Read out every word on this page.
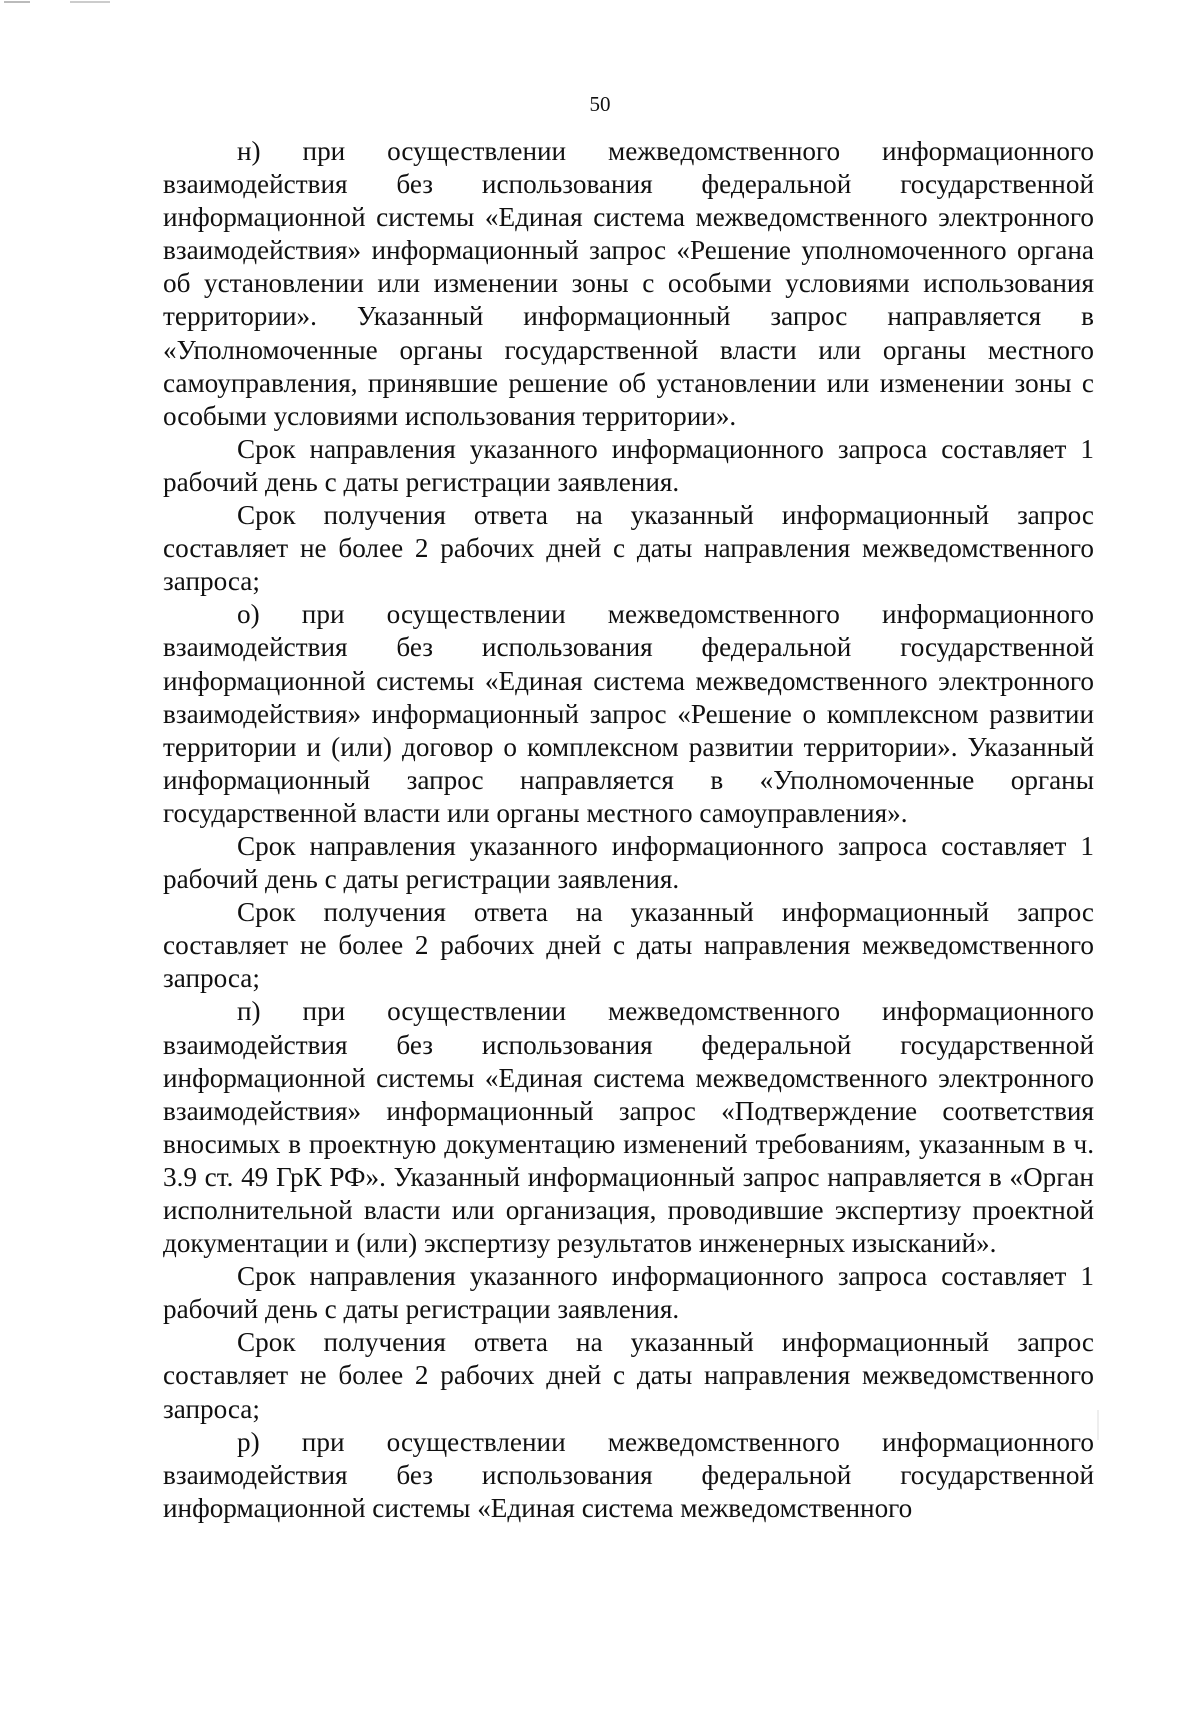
50

н) при осуществлении межведомственного информационного взаимодействия без использования федеральной государственной информационной системы «Единая система межведомственного электронного взаимодействия» информационный запрос «Решение уполномоченного органа об установлении или изменении зоны с особыми условиями использования территории». Указанный информационный запрос направляется в «Уполномоченные органы государственной власти или органы местного самоуправления, принявшие решение об установлении или изменении зоны с особыми условиями использования территории».

Срок направления указанного информационного запроса составляет 1 рабочий день с даты регистрации заявления.

Срок получения ответа на указанный информационный запрос составляет не более 2 рабочих дней с даты направления межведомственного запроса;

о) при осуществлении межведомственного информационного взаимодействия без использования федеральной государственной информационной системы «Единая система межведомственного электронного взаимодействия» информационный запрос «Решение о комплексном развитии территории и (или) договор о комплексном развитии территории». Указанный информационный запрос направляется в «Уполномоченные органы государственной власти или органы местного самоуправления».

Срок направления указанного информационного запроса составляет 1 рабочий день с даты регистрации заявления.

Срок получения ответа на указанный информационный запрос составляет не более 2 рабочих дней с даты направления межведомственного запроса;

п) при осуществлении межведомственного информационного взаимодействия без использования федеральной государственной информационной системы «Единая система межведомственного электронного взаимодействия» информационный запрос «Подтверждение соответствия вносимых в проектную документацию изменений требованиям, указанным в ч. 3.9 ст. 49 ГрК РФ». Указанный информационный запрос направляется в «Орган исполнительной власти или организация, проводившие экспертизу проектной документации и (или) экспертизу результатов инженерных изысканий».

Срок направления указанного информационного запроса составляет 1 рабочий день с даты регистрации заявления.

Срок получения ответа на указанный информационный запрос составляет не более 2 рабочих дней с даты направления межведомственного запроса;

р) при осуществлении межведомственного информационного взаимодействия без использования федеральной государственной информационной системы «Единая система межведомственного
